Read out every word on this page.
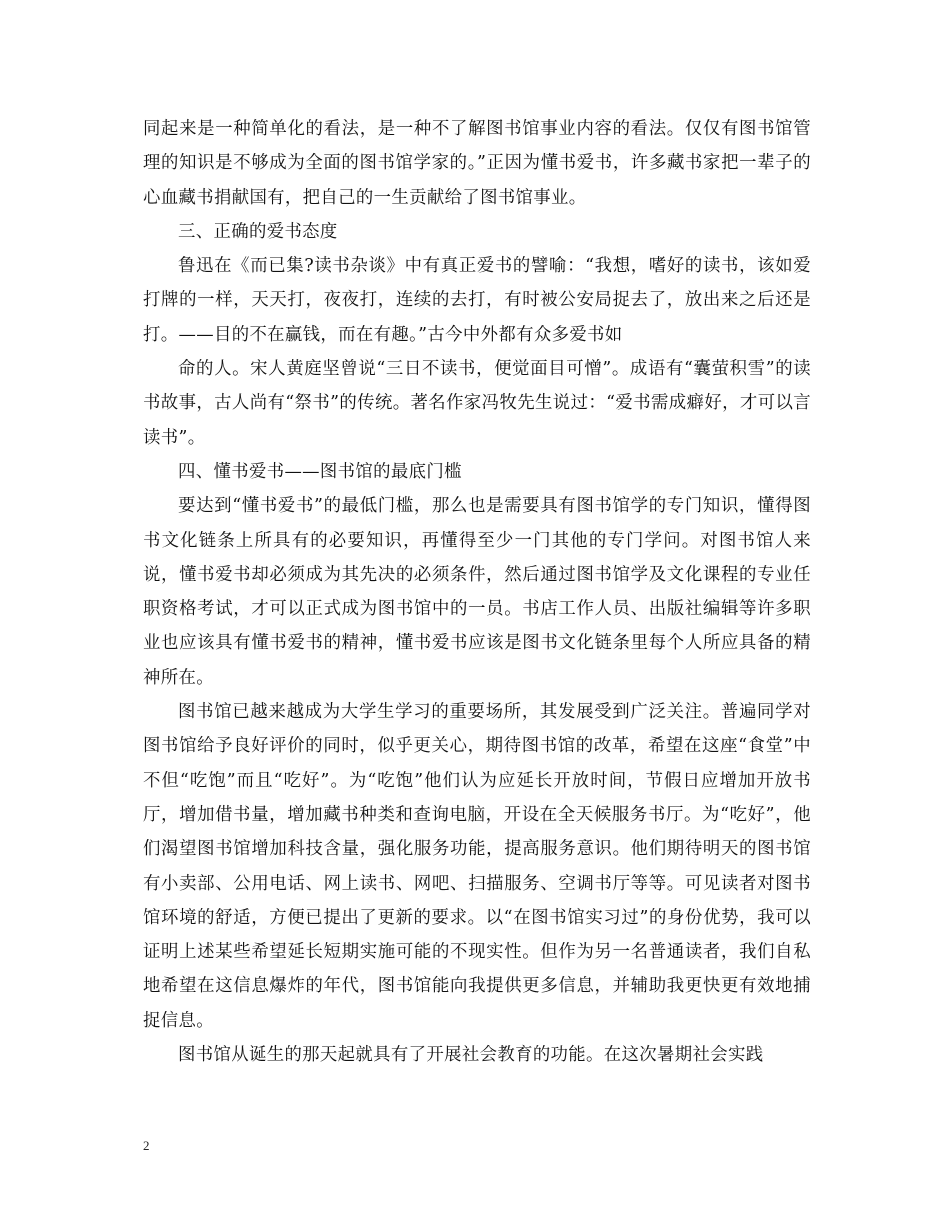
同起来是一种简单化的看法，是一种不了解图书馆事业内容的看法。仅仅有图书馆管理的知识是不够成为全面的图书馆学家的。”正因为懂书爱书，许多藏书家把一辈子的心血藏书捐献国有，把自己的一生贡献给了图书馆事业。

三、正确的爱书态度

鲁迅在《而已集?读书杂谈》中有真正爱书的譬喻：“我想，嗜好的读书，该如爱打牌的一样，天天打，夜夜打，连续的去打，有时被公安局捉去了，放出来之后还是打。——目的不在赢钱，而在有趣。”古今中外都有众多爱书如

命的人。宋人黄庭坚曾说“三日不读书，便觉面目可憎”。成语有“囊萤积雪”的读书故事，古人尚有“祭书”的传统。著名作家冯牧先生说过：“爱书需成癖好，才可以言读书”。

四、懂书爱书——图书馆的最底门槛

要达到“懂书爱书”的最低门槛，那么也是需要具有图书馆学的专门知识，懂得图书文化链条上所具有的必要知识，再懂得至少一门其他的专门学问。对图书馆人来说，懂书爱书却必须成为其先决的必须条件，然后通过图书馆学及文化课程的专业任职资格考试，才可以正式成为图书馆中的一员。书店工作人员、出版社编辑等许多职业也应该具有懂书爱书的精神，懂书爱书应该是图书文化链条里每个人所应具备的精神所在。

图书馆已越来越成为大学生学习的重要场所，其发展受到广泛关注。普遍同学对图书馆给予良好评价的同时，似乎更关心，期待图书馆的改革，希望在这座“食堂”中不但“吃饱”而且“吃好”。为“吃饱”他们认为应延长开放时间，节假日应增加开放书厅，增加借书量，增加藏书种类和查询电脑，开设在全天候服务书厅。为“吃好”，他们渴望图书馆增加科技含量，强化服务功能，提高服务意识。他们期待明天的图书馆有小卖部、公用电话、网上读书、网吧、扫描服务、空调书厅等等。可见读者对图书馆环境的舒适，方便已提出了更新的要求。以“在图书馆实习过”的身份优势，我可以证明上述某些希望延长短期实施可能的不现实性。但作为另一名普通读者，我们自私地希望在这信息爆炸的年代，图书馆能向我提供更多信息，并辅助我更快更有效地捕捉信息。

图书馆从诞生的那天起就具有了开展社会教育的功能。在这次暑期社会实践

2
